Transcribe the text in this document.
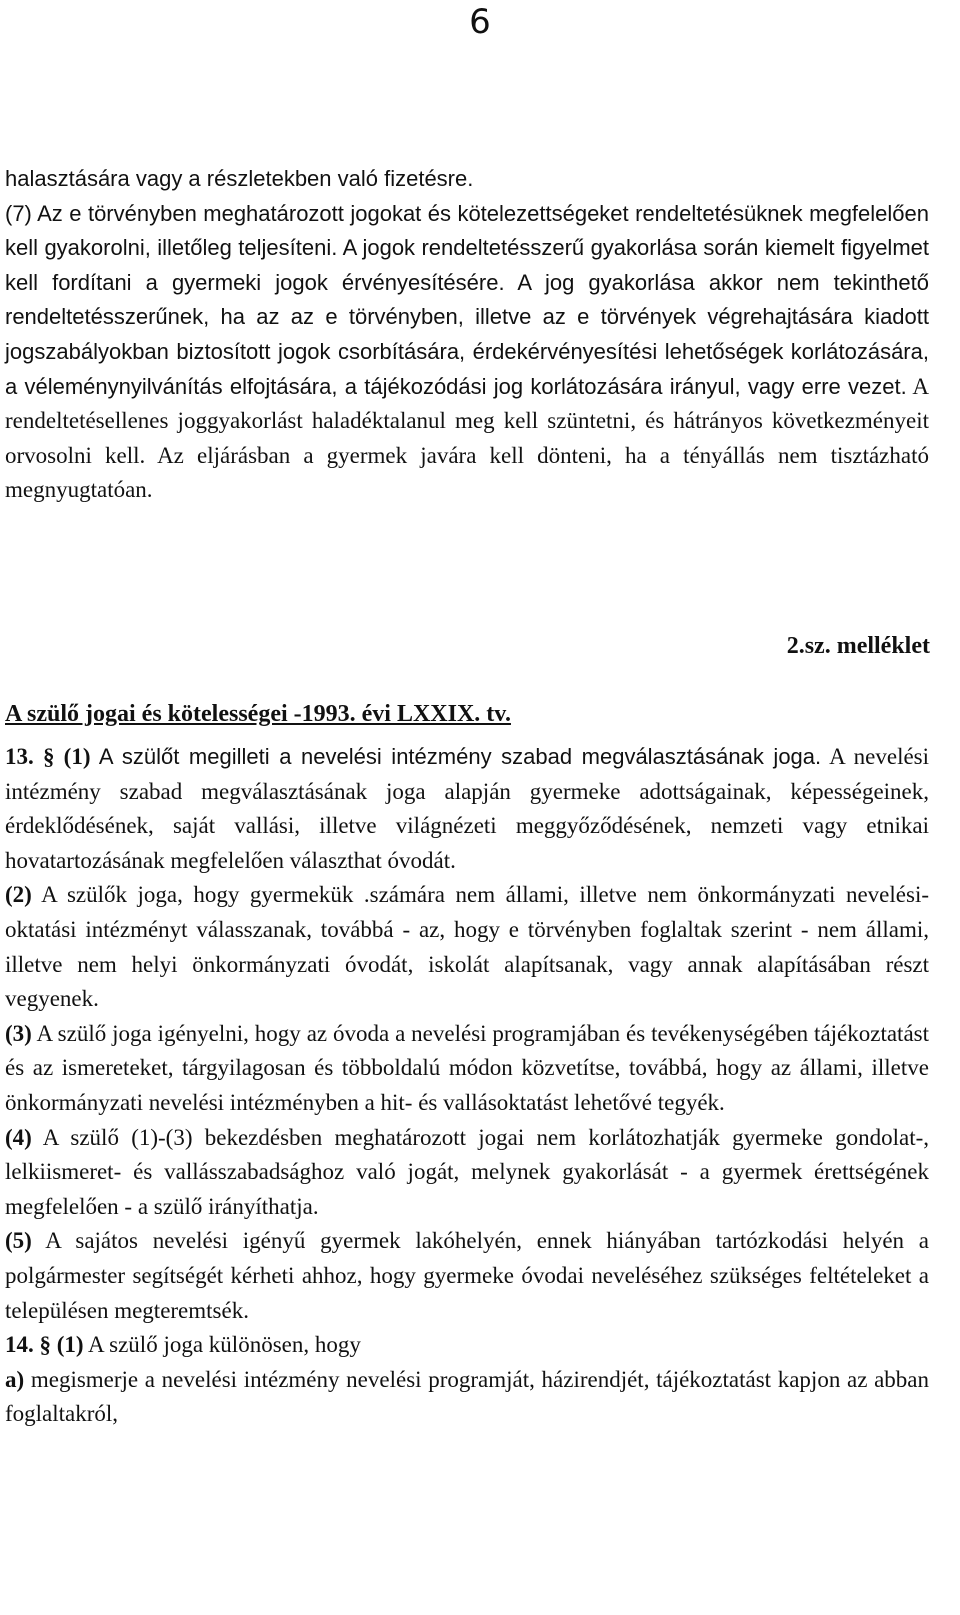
6

halasztására vagy a részletekben való fizetésre.

(7) Az e törvényben meghatározott jogokat és kötelezettségeket rendeltetésüknek megfelelően kell gyakorolni, illetőleg teljesíteni. A jogok rendeltetésszerű gyakorlása során kiemelt figyelmet kell fordítani a gyermeki jogok érvényesítésére. A jog gyakorlása akkor nem tekinthető rendeltetésszerűnek, ha az az e törvényben, illetve az e törvények végrehajtására kiadott jogszabályokban biztosított jogok csorbítására, érdekérvényesítési lehetőségek korlátozására, a véleménynyilvánítás elfojtására, a tájékozódási jog korlátozására irányul, vagy erre vezet. A rendeltetésellenes joggyakorlást haladéktalanul meg kell szüntetni, és hátrányos következményeit orvosolni kell. Az eljárásban a gyermek javára kell dönteni, ha a tényállás nem tisztázható megnyugtatóan.

2.sz. melléklet
A szülő jogai és kötelességei -1993. évi LXXIX. tv.

13. § (1) A szülőt megilleti a nevelési intézmény szabad megválasztásának joga. A nevelési intézmény szabad megválasztásának joga alapján gyermeke adottságainak, képességeinek, érdeklődésének, saját vallási, illetve világnézeti meggyőződésének, nemzeti vagy etnikai hovatartozásának megfelelően választhat óvodát.

(2) A szülők joga, hogy gyermekük .számára nem állami, illetve nem önkormányzati nevelési-oktatási intézményt válasszanak, továbbá - az, hogy e törvényben foglaltak szerint - nem állami, illetve nem helyi önkormányzati óvodát, iskolát alapítsanak, vagy annak alapításában részt vegyenek.

(3) A szülő joga igényelni, hogy az óvoda a nevelési programjában és tevékenységében tájékoztatást és az ismereteket, tárgyilagosan és többoldalú módon közvetítse, továbbá, hogy az állami, illetve önkormányzati nevelési intézményben a hit- és vallásoktatást lehetővé tegyék.

(4) A szülő (1)-(3) bekezdésben meghatározott jogai nem korlátozhatják gyermeke gondolat-, lelkiismeret- és vallásszabadsághoz való jogát, melynek gyakorlását - a gyermek érettségének megfelelően - a szülő irányíthatja.

(5) A sajátos nevelési igényű gyermek lakóhelyén, ennek hiányában tartózkodási helyén a polgármester segítségét kérheti ahhoz, hogy gyermeke óvodai neveléséhez szükséges feltételeket a településen megteremtsék.

14. § (1) A szülő joga különösen, hogy

a) megismerje a nevelési intézmény nevelési programját, házirendjét, tájékoztatást kapjon az abban foglaltakról,
